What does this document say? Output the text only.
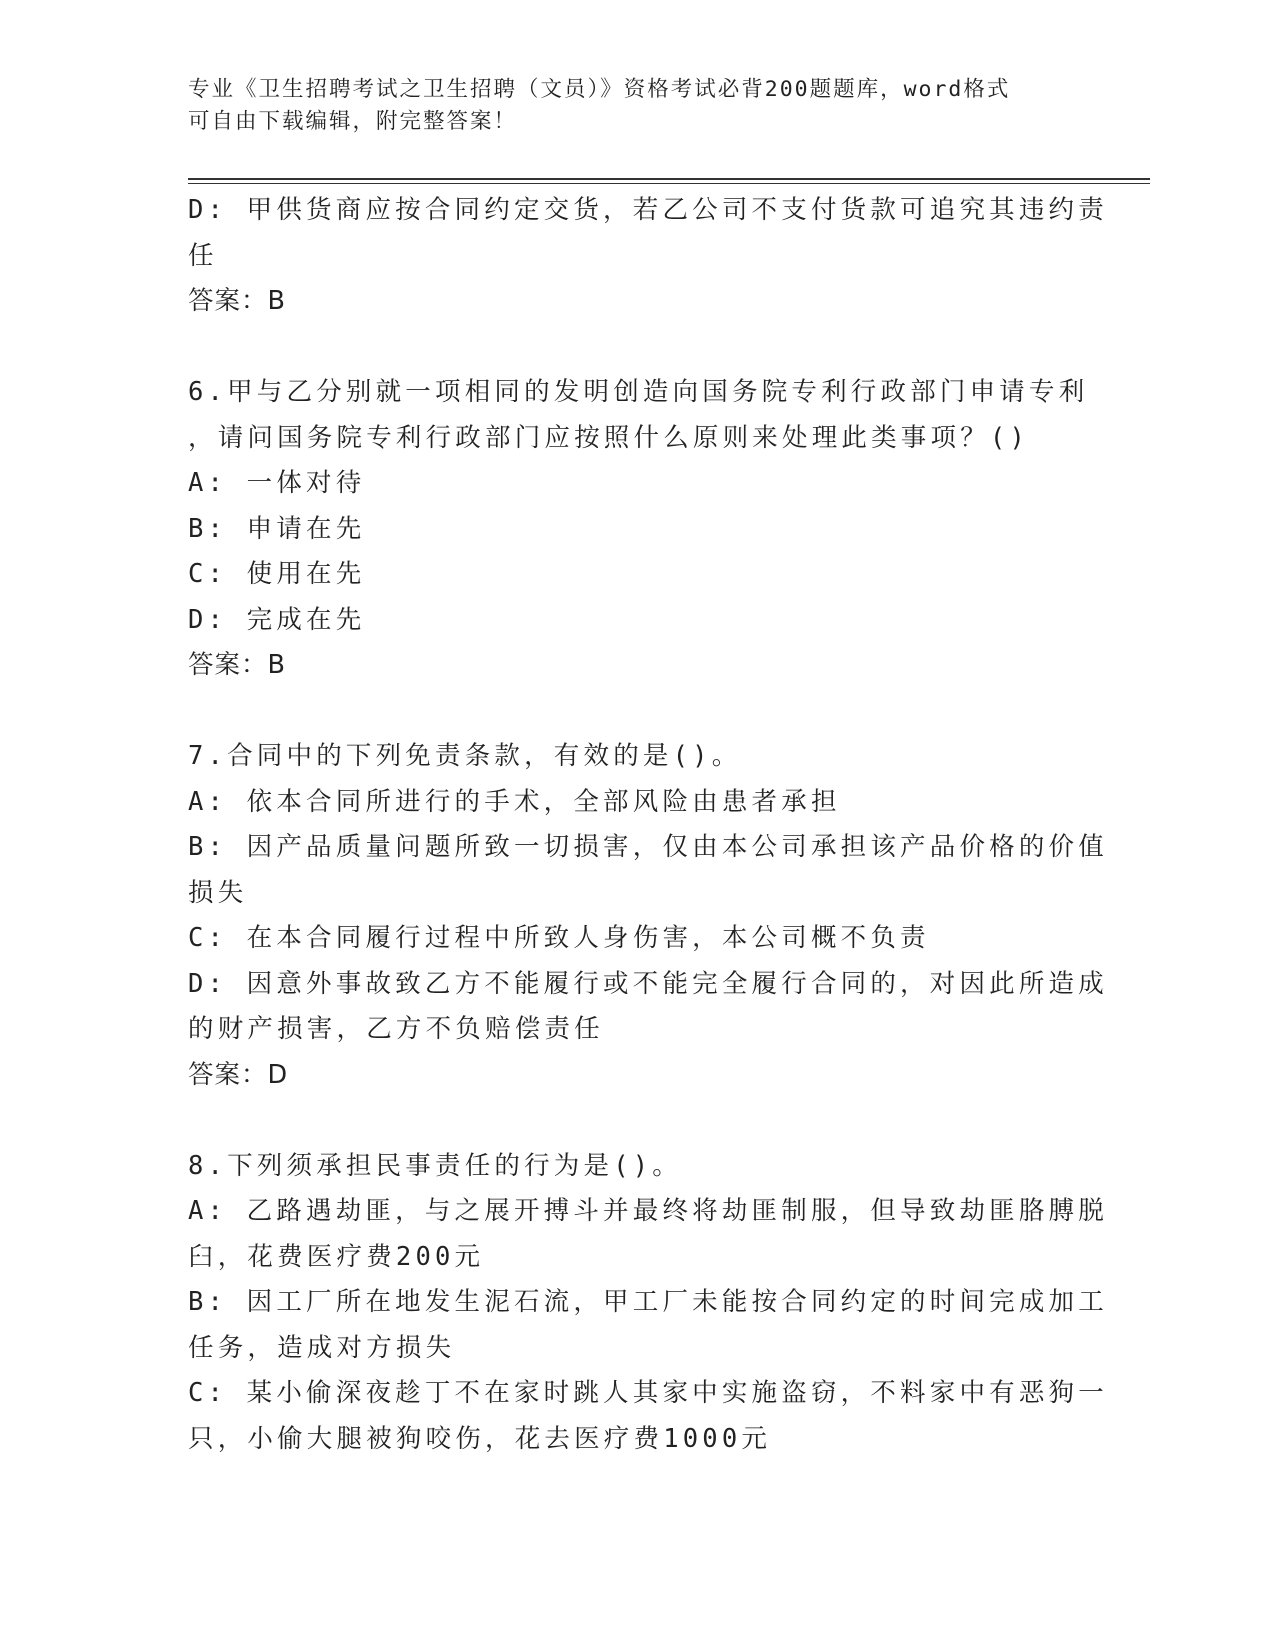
专业《卫生招聘考试之卫生招聘（文员）》资格考试必背200题题库，word格式
可自由下载编辑，附完整答案！
D: 甲供货商应按合同约定交货，若乙公司不支付货款可追究其违约责
任
答案：B
6.甲与乙分别就一项相同的发明创造向国务院专利行政部门申请专利
，请问国务院专利行政部门应按照什么原则来处理此类事项？()
A: 一体对待
B: 申请在先
C: 使用在先
D: 完成在先
答案：B
7.合同中的下列免责条款，有效的是()。
A: 依本合同所进行的手术，全部风险由患者承担
B: 因产品质量问题所致一切损害，仅由本公司承担该产品价格的价值
损失
C: 在本合同履行过程中所致人身伤害，本公司概不负责
D: 因意外事故致乙方不能履行或不能完全履行合同的，对因此所造成
的财产损害，乙方不负赔偿责任
答案：D
8.下列须承担民事责任的行为是()。
A: 乙路遇劫匪，与之展开搏斗并最终将劫匪制服，但导致劫匪胳膊脱
臼，花费医疗费200元
B: 因工厂所在地发生泥石流，甲工厂未能按合同约定的时间完成加工
任务，造成对方损失
C: 某小偷深夜趁丁不在家时跳人其家中实施盗窃，不料家中有恶狗一
只，小偷大腿被狗咬伤，花去医疗费1000元
